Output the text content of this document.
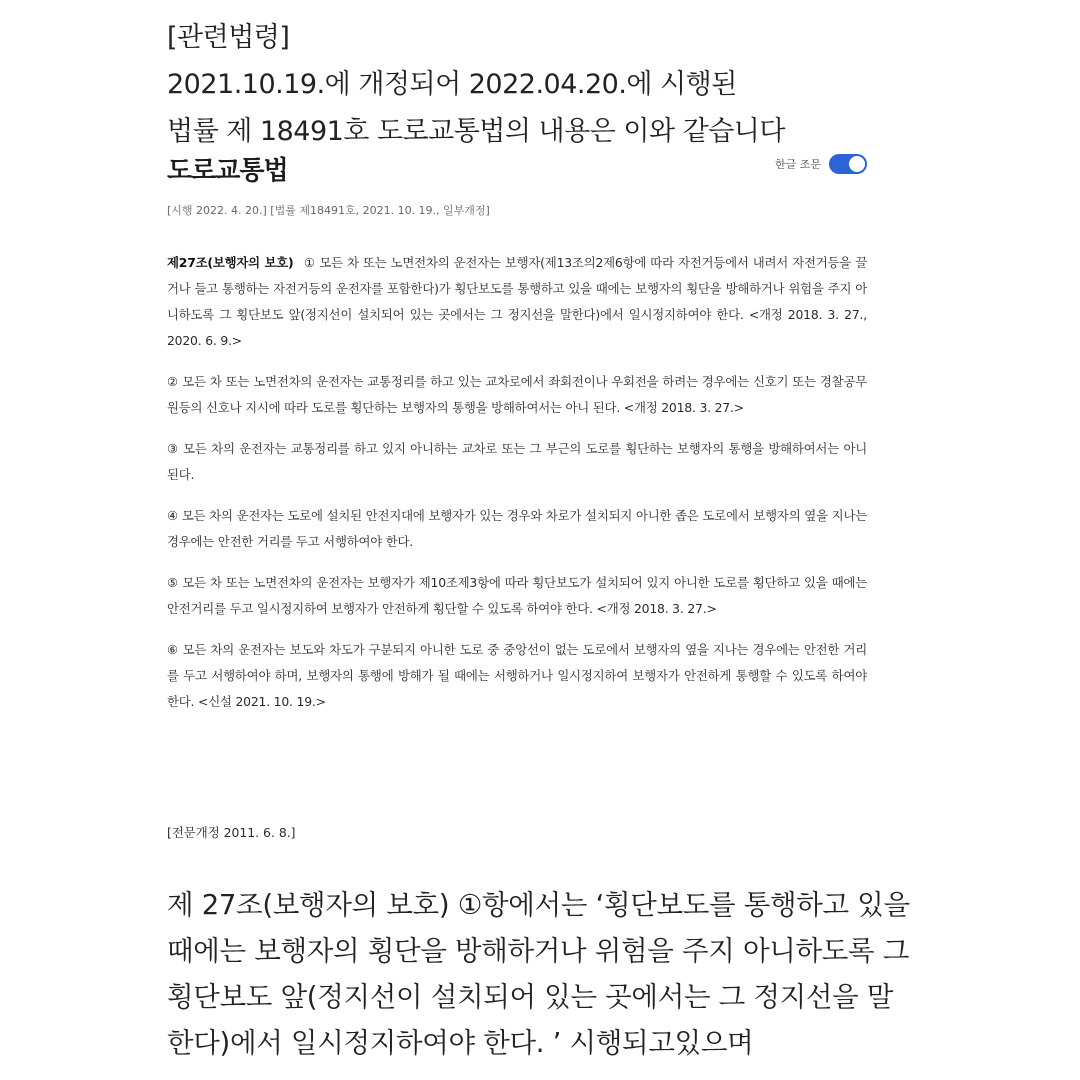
[관련법령]
2021.10.19.에 개정되어 2022.04.20.에 시행된
법률 제 18491호 도로교통법의 내용은 이와 같습니다
도로교통법	한글 조문
[시행 2022. 4. 20.] [법률 제18491호, 2021. 10. 19., 일부개정]

제27조(보행자의 보호) ① 모든 차 또는 노면전차의 운전자는 보행자(제13조의2제6항에 따라 자전거등에서 내려서 자전거등을 끌거나 들고 통행하는 자전거등의 운전자를 포함한다)가 횡단보도를 통행하고 있을 때에는 보행자의 횡단을 방해하거나 위험을 주지 아니하도록 그 횡단보도 앞(정지선이 설치되어 있는 곳에서는 그 정지선을 말한다)에서 일시정지하여야 한다. <개정 2018. 3. 27., 2020. 6. 9.>

② 모든 차 또는 노면전차의 운전자는 교통정리를 하고 있는 교차로에서 좌회전이나 우회전을 하려는 경우에는 신호기 또는 경찰공무원등의 신호나 지시에 따라 도로를 횡단하는 보행자의 통행을 방해하여서는 아니 된다. <개정 2018. 3. 27.>

③ 모든 차의 운전자는 교통정리를 하고 있지 아니하는 교차로 또는 그 부근의 도로를 횡단하는 보행자의 통행을 방해하여서는 아니 된다.

④ 모든 차의 운전자는 도로에 설치된 안전지대에 보행자가 있는 경우와 차로가 설치되지 아니한 좁은 도로에서 보행자의 옆을 지나는 경우에는 안전한 거리를 두고 서행하여야 한다.

⑤ 모든 차 또는 노면전차의 운전자는 보행자가 제10조제3항에 따라 횡단보도가 설치되어 있지 아니한 도로를 횡단하고 있을 때에는 안전거리를 두고 일시정지하여 보행자가 안전하게 횡단할 수 있도록 하여야 한다. <개정 2018. 3. 27.>

⑥ 모든 차의 운전자는 보도와 차도가 구분되지 아니한 도로 중 중앙선이 없는 도로에서 보행자의 옆을 지나는 경우에는 안전한 거리를 두고 서행하여야 하며, 보행자의 통행에 방해가 될 때에는 서행하거나 일시정지하여 보행자가 안전하게 통행할 수 있도록 하여야 한다. <신설 2021. 10. 19.>

[전문개정 2011. 6. 8.]
제 27조(보행자의 보호) ①항에서는 ‘횡단보도를 통행하고 있을
때에는 보행자의 횡단을 방해하거나 위험을 주지 아니하도록 그
횡단보도 앞(정지선이 설치되어 있는 곳에서는 그 정지선을 말
한다)에서 일시정지하여야 한다. ’ 시행되고있으며
